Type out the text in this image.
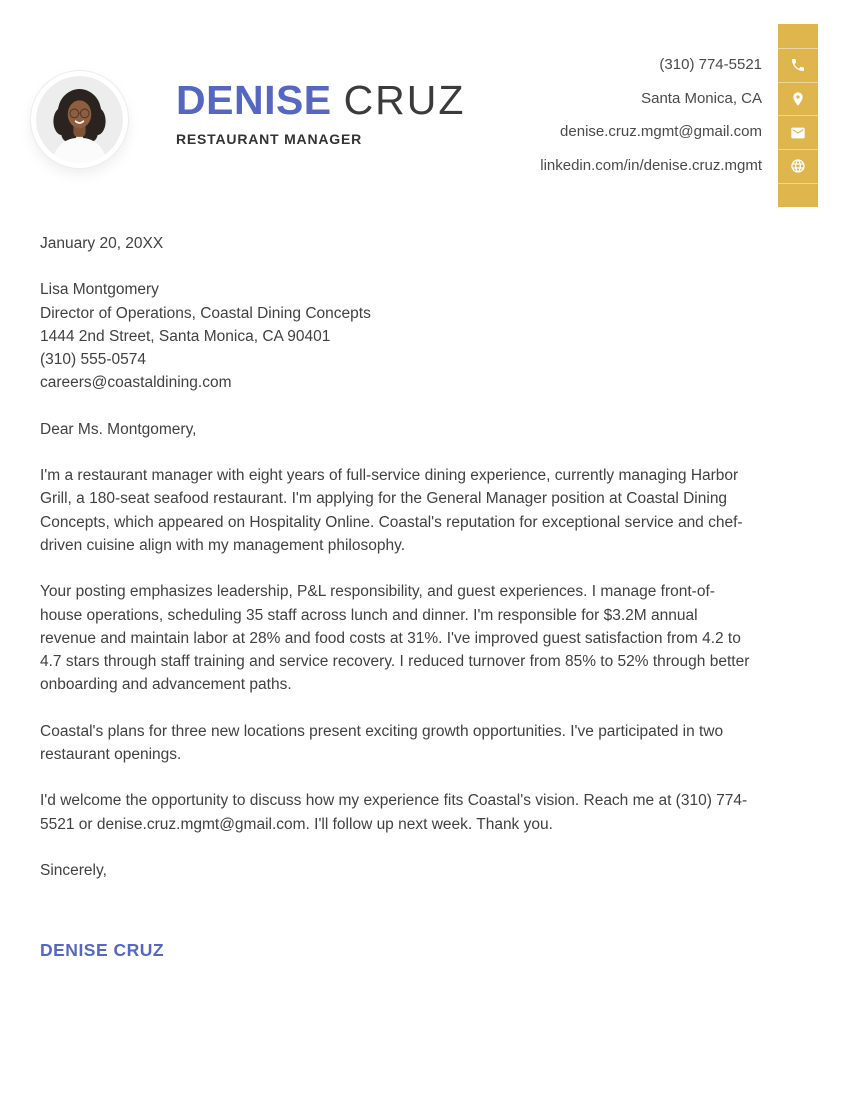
DENISE CRUZ
RESTAURANT MANAGER
(310) 774-5521
Santa Monica, CA
denise.cruz.mgmt@gmail.com
linkedin.com/in/denise.cruz.mgmt
January 20, 20XX
Lisa Montgomery
Director of Operations, Coastal Dining Concepts
1444 2nd Street, Santa Monica, CA 90401
(310) 555-0574
careers@coastaldining.com
Dear Ms. Montgomery,

I'm a restaurant manager with eight years of full-service dining experience, currently managing Harbor Grill, a 180-seat seafood restaurant. I'm applying for the General Manager position at Coastal Dining Concepts, which appeared on Hospitality Online. Coastal's reputation for exceptional service and chef-driven cuisine align with my management philosophy.

Your posting emphasizes leadership, P&L responsibility, and guest experiences. I manage front-of-house operations, scheduling 35 staff across lunch and dinner. I'm responsible for $3.2M annual revenue and maintain labor at 28% and food costs at 31%. I've improved guest satisfaction from 4.2 to 4.7 stars through staff training and service recovery. I reduced turnover from 85% to 52% through better onboarding and advancement paths.

Coastal's plans for three new locations present exciting growth opportunities. I've participated in two restaurant openings.

I'd welcome the opportunity to discuss how my experience fits Coastal's vision. Reach me at (310) 774-5521 or denise.cruz.mgmt@gmail.com. I'll follow up next week. Thank you.

Sincerely,
DENISE CRUZ
